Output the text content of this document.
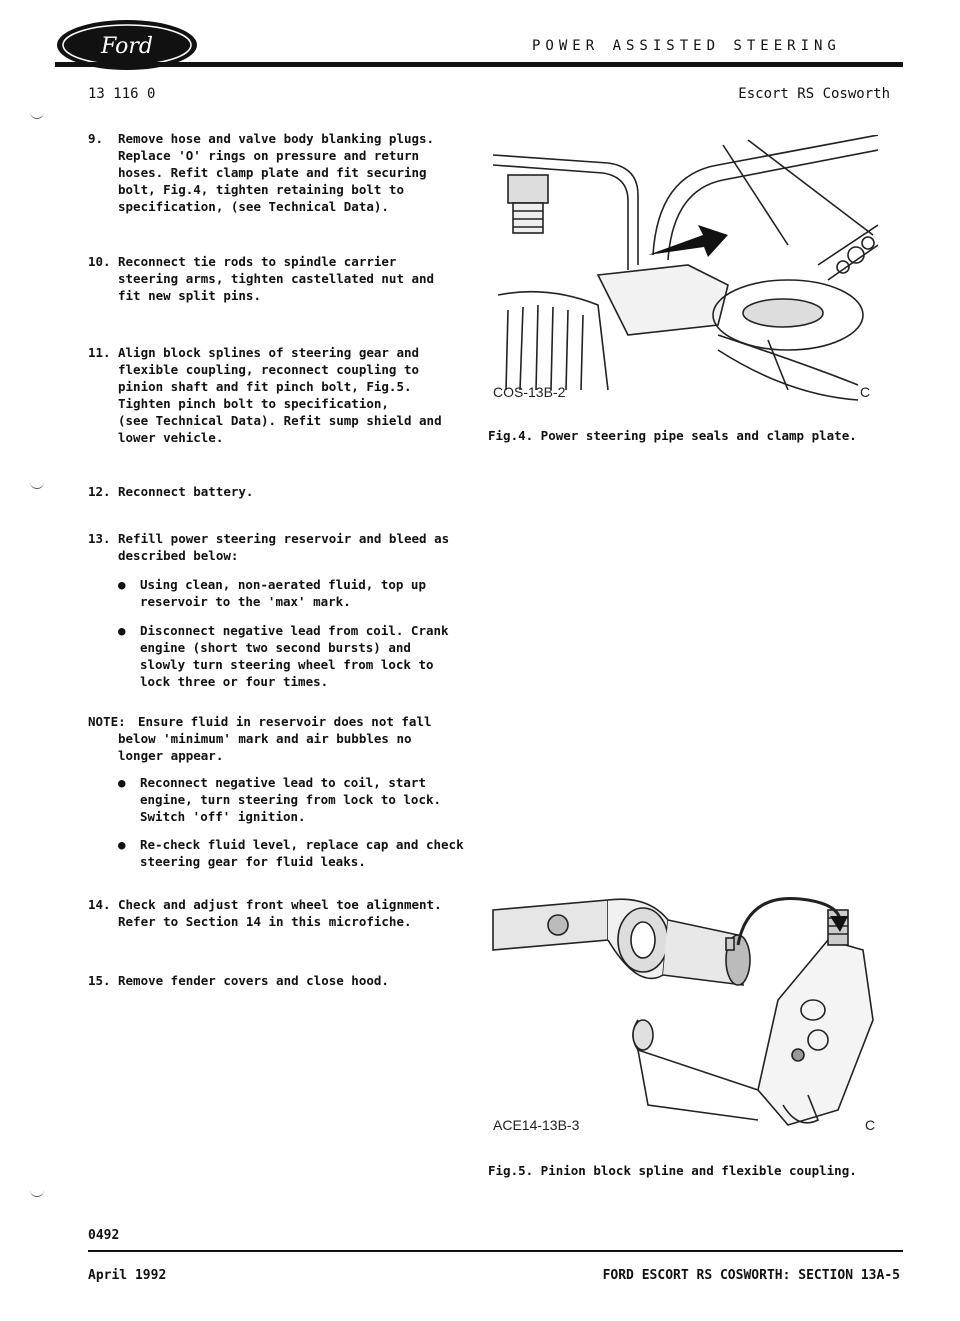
Ford	POWER ASSISTED STEERING
13 116 0	Escort RS Cosworth
9.	Remove hose and valve body blanking plugs.
Replace 'O' rings on pressure and return
hoses. Refit clamp plate and fit securing
bolt, Fig.4, tighten retaining bolt to
specification, (see Technical Data).
10. Reconnect tie rods to spindle carrier
steering arms, tighten castellated nut and
fit new split pins.
11. Align block splines of steering gear and
flexible coupling, reconnect coupling to
pinion shaft and fit pinch bolt, Fig.5.
Tighten pinch bolt to specification,
(see Technical Data). Refit sump shield and
lower vehicle.
12. Reconnect battery.
13. Refill power steering reservoir and bleed as
described below:
● Using clean, non-aerated fluid, top up
reservoir to the 'max' mark.
● Disconnect negative lead from coil. Crank
engine (short two second bursts) and
slowly turn steering wheel from lock to
lock three or four times.
NOTE: Ensure fluid in reservoir does not fall
below 'minimum' mark and air bubbles no
longer appear.
● Reconnect negative lead to coil, start
engine, turn steering from lock to lock.
Switch 'off' ignition.
● Re-check fluid level, replace cap and check
steering gear for fluid leaks.
14. Check and adjust front wheel toe alignment.
Refer to Section 14 in this microfiche.
15. Remove fender covers and close hood.
COS-13B-2	C
Fig.4. Power steering pipe seals and clamp plate.
ACE14-13B-3	C
Fig.5. Pinion block spline and flexible coupling.
0492
April 1992	FORD ESCORT RS COSWORTH: SECTION 13A-5
